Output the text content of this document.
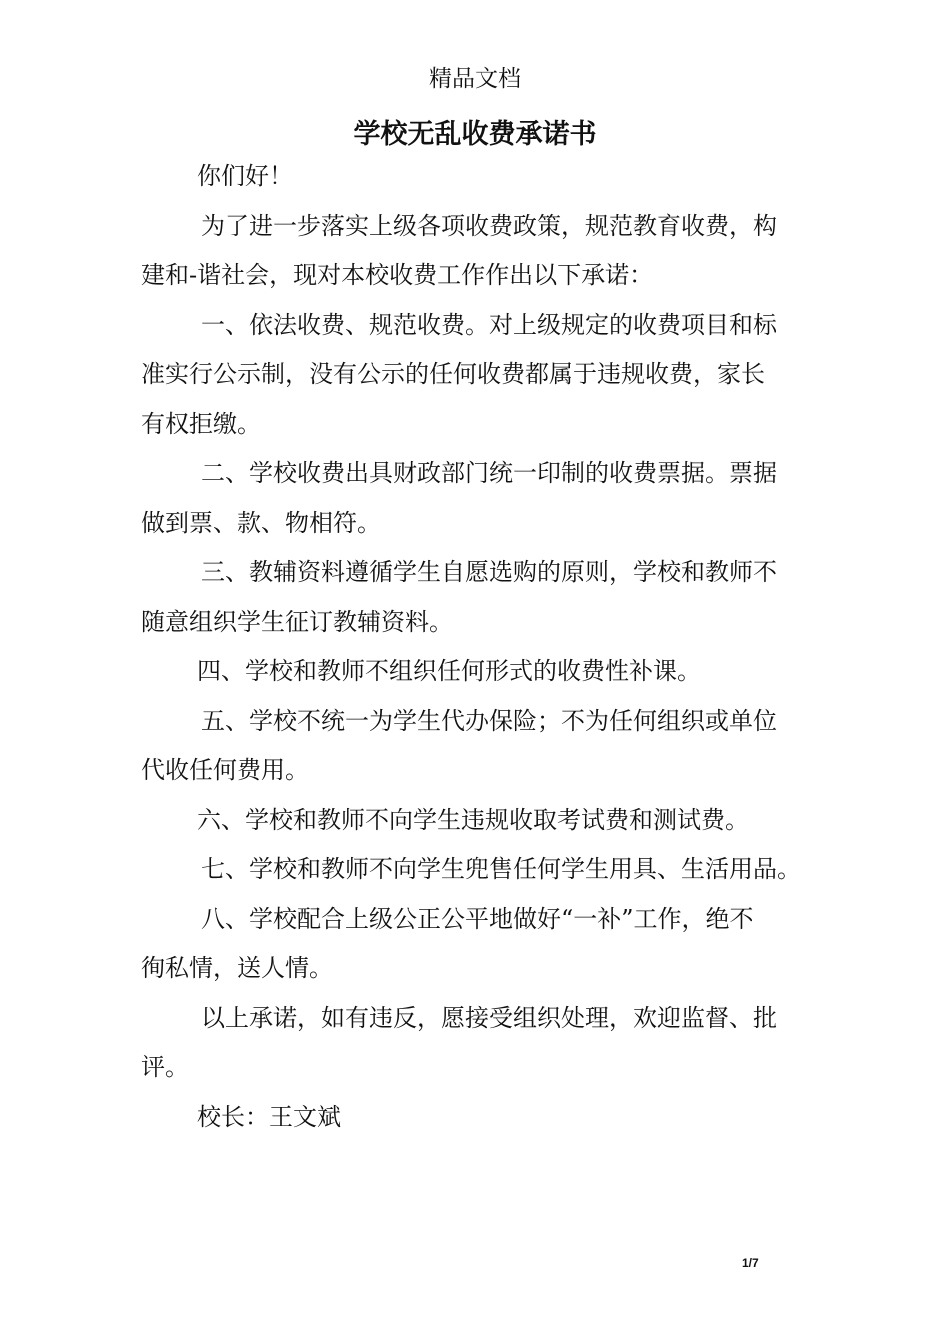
精品文档
学校无乱收费承诺书

你们好！

为了进一步落实上级各项收费政策，规范教育收费，构

建和-谐社会，现对本校收费工作作出以下承诺：

一、依法收费、规范收费。对上级规定的收费项目和标

准实行公示制，没有公示的任何收费都属于违规收费，家长

有权拒缴。

二、学校收费出具财政部门统一印制的收费票据。票据

做到票、款、物相符。

三、教辅资料遵循学生自愿选购的原则，学校和教师不

随意组织学生征订教辅资料。

四、学校和教师不组织任何形式的收费性补课。

五、学校不统一为学生代办保险；不为任何组织或单位

代收任何费用。

六、学校和教师不向学生违规收取考试费和测试费。

七、学校和教师不向学生兜售任何学生用具、生活用品。

八、学校配合上级公正公平地做好“一补”工作，绝不

徇私情，送人情。

以上承诺，如有违反，愿接受组织处理，欢迎监督、批

评。

校长：王文斌

1/7
